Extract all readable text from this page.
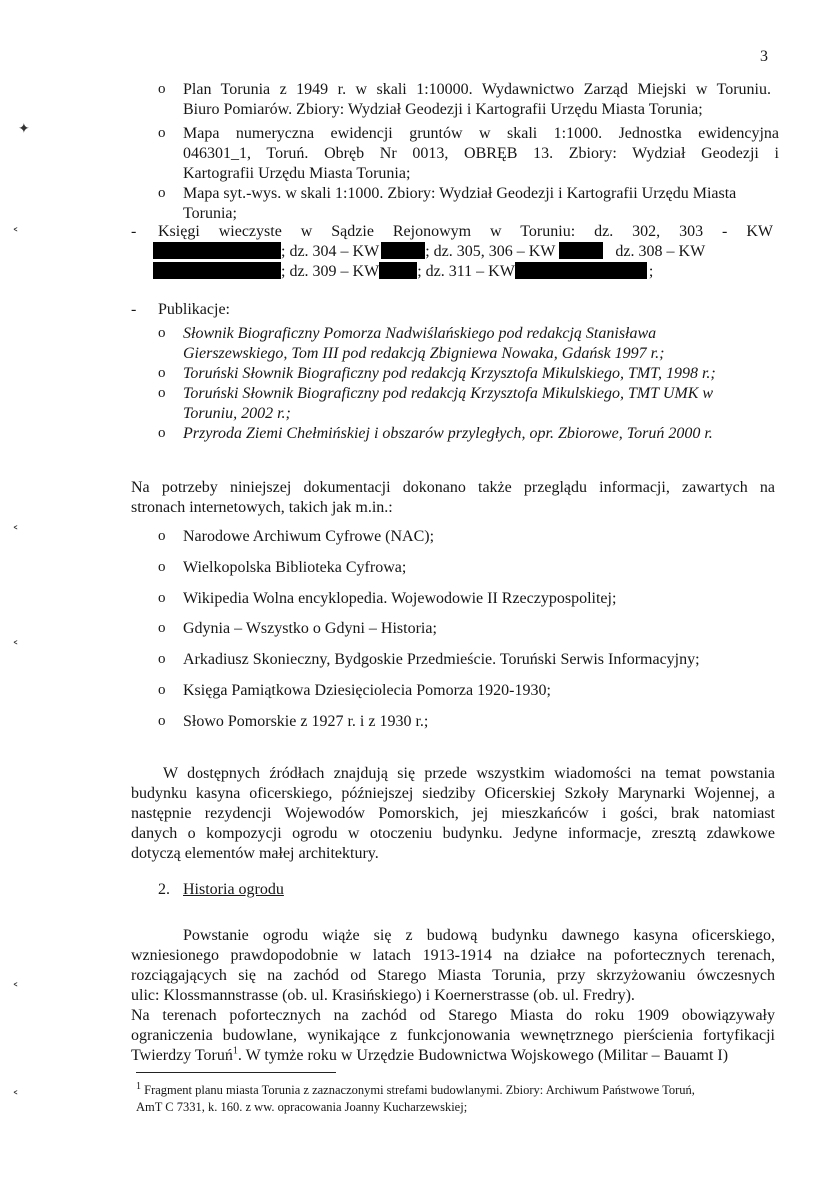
3
✦
˂
˂
˂
˂
˂
o Plan Torunia z 1949 r. w skali 1:10000. Wydawnictwo Zarząd Miejski w Toruniu.
Biuro Pomiarów. Zbiory: Wydział Geodezji i Kartografii Urzędu Miasta Torunia;
o Mapa numeryczna ewidencji gruntów w skali 1:1000. Jednostka ewidencyjna
046301_1, Toruń. Obręb Nr 0013, OBRĘB 13. Zbiory: Wydział Geodezji i
Kartografii Urzędu Miasta Torunia;
o Mapa syt.-wys. w skali 1:1000. Zbiory: Wydział Geodezji i Kartografii Urzędu Miasta
Torunia;
- Księgi wieczyste w Sądzie Rejonowym w Toruniu: dz. 302, 303 - KW
; dz. 304 – KW	; dz. 305, 306 – KW	dz. 308 – KW
; dz. 309 – KW ; dz. 311 – KW	;
- Publikacje:
o Słownik Biograficzny Pomorza Nadwiślańskiego pod redakcją Stanisława
Gierszewskiego, Tom III pod redakcją Zbigniewa Nowaka, Gdańsk 1997 r.;
o Toruński Słownik Biograficzny pod redakcją Krzysztofa Mikulskiego, TMT, 1998 r.;
o Toruński Słownik Biograficzny pod redakcją Krzysztofa Mikulskiego, TMT UMK w
Toruniu, 2002 r.;
o Przyroda Ziemi Chełmińskiej i obszarów przyległych, opr. Zbiorowe, Toruń 2000 r.
Na potrzeby niniejszej dokumentacji dokonano także przeglądu informacji, zawartych na
stronach internetowych, takich jak m.in.:
o Narodowe Archiwum Cyfrowe (NAC);
o Wielkopolska Biblioteka Cyfrowa;
o Wikipedia Wolna encyklopedia. Wojewodowie II Rzeczypospolitej;
o Gdynia – Wszystko o Gdyni – Historia;
o Arkadiusz Skonieczny, Bydgoskie Przedmieście. Toruński Serwis Informacyjny;
o Księga Pamiątkowa Dziesięciolecia Pomorza 1920-1930;
o Słowo Pomorskie z 1927 r. i z 1930 r.;
W dostępnych źródłach znajdują się przede wszystkim wiadomości na temat powstania
budynku kasyna oficerskiego, późniejszej siedziby Oficerskiej Szkoły Marynarki Wojennej, a
następnie rezydencji Wojewodów Pomorskich, jej mieszkańców i gości, brak natomiast
danych o kompozycji ogrodu w otoczeniu budynku. Jedyne informacje, zresztą zdawkowe
dotyczą elementów małej architektury.
2. Historia ogrodu
Powstanie ogrodu wiąże się z budową budynku dawnego kasyna oficerskiego,
wzniesionego prawdopodobnie w latach 1913-1914 na działce na pofortecznych terenach,
rozciągających się na zachód od Starego Miasta Torunia, przy skrzyżowaniu ówczesnych
ulic: Klossmannstrasse (ob. ul. Krasińskiego) i Koernerstrasse (ob. ul. Fredry).
Na terenach pofortecznych na zachód od Starego Miasta do roku 1909 obowiązywały
ograniczenia budowlane, wynikające z funkcjonowania wewnętrznego pierścienia fortyfikacji
Twierdzy Toruń$^1$. W tymże roku w Urzędzie Budownictwa Wojskowego (Militar – Bauamt I)
$^1$ Fragment planu miasta Torunia z zaznaczonymi strefami budowlanymi. Zbiory: Archiwum Państwowe Toruń,
AmT C 7331, k. 160. z ww. opracowania Joanny Kucharzewskiej;
